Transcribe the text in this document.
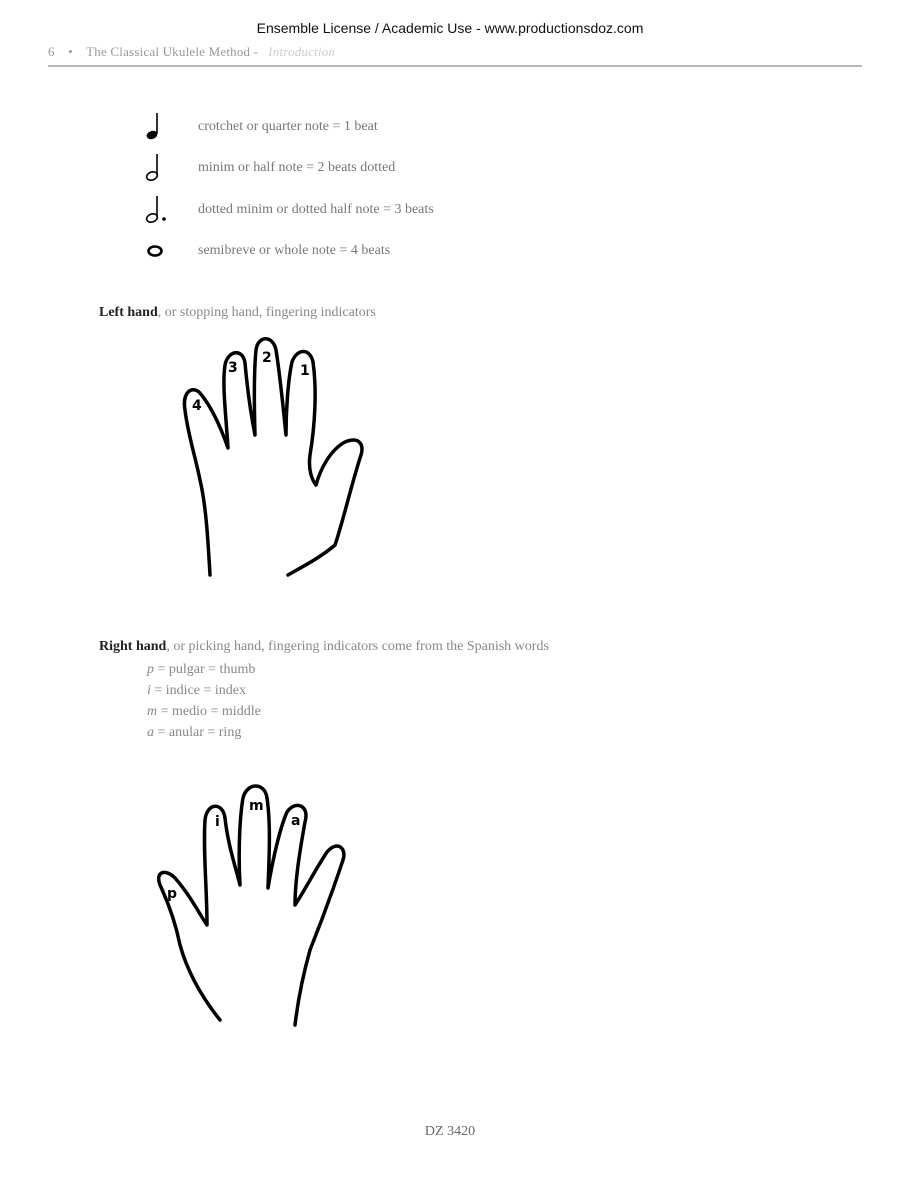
Ensemble License / Academic Use - www.productionsdoz.com
6 • The Classical Ukulele Method - Introduction
crotchet or quarter note = 1 beat
minim or half note = 2 beats dotted
dotted minim or dotted half note = 3 beats
semibreve or whole note = 4 beats
Left hand, or stopping hand, fingering indicators
4
3
2
1
Right hand, or picking hand, fingering indicators come from the Spanish words
p = pulgar = thumb
i = indice = index
m = medio = middle
a = anular = ring
p
i
m
a
DZ 3420
